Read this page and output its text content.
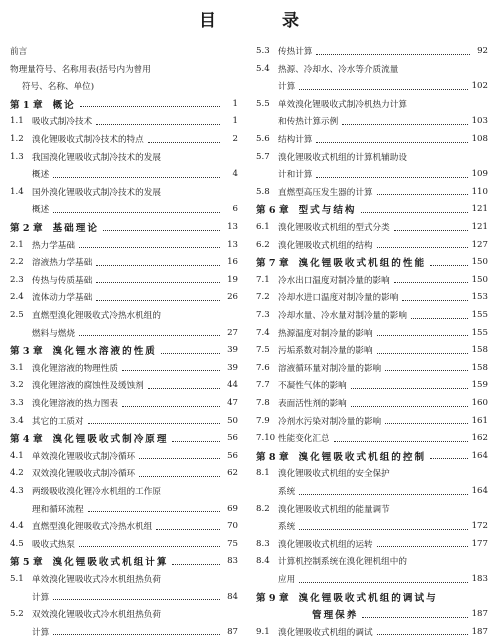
目 录
前言
物理量符号、名称用表(括号内为曾用
符号、名称、单位)
第 1 章 概论	1
1.1 吸收式制冷技术	1
1.2 溴化锂吸收式制冷技术的特点	2
1.3 我国溴化锂吸收式制冷技术的发展
概述	4
1.4 国外溴化锂吸收式制冷技术的发展
概述	6
第 2 章 基础理论	13
2.1 热力学基础	13
2.2 溶液热力学基础	16
2.3 传热与传质基础	19
2.4 流体动力学基础	26
2.5 直燃型溴化锂吸收式冷热水机组的
燃料与燃烧	27
第 3 章 溴化锂水溶液的性质	39
3.1 溴化锂溶液的物理性质	39
3.2 溴化锂溶液的腐蚀性及缓蚀剂	44
3.3 溴化锂溶液的热力图表	47
3.4 其它的工质对	50
第 4 章 溴化锂吸收式制冷原理	56
4.1 单效溴化锂吸收式制冷循环	56
4.2 双效溴化锂吸收式制冷循环	62
4.3 两级吸收溴化锂冷水机组的工作原
理和循环流程	69
4.4 直燃型溴化锂吸收式冷热水机组	70
4.5 吸收式热泵	75
第 5 章 溴化锂吸收式机组计算	83
5.1 单效溴化锂吸收式冷水机组热负荷
计算	84
5.2 双效溴化锂吸收式冷水机组热负荷
计算	87
5.3 传热计算	92
5.4 热源、冷却水、冷水等介质流量
计算	102
5.5 单效溴化锂吸收式制冷机热力计算
和传热计算示例	103
5.6 结构计算	108
5.7 溴化锂吸收式机组的计算机辅助设
计和计算	109
5.8 直燃型高压发生器的计算	110
第 6 章 型式与结构	121
6.1 溴化锂吸收式机组的型式分类	121
6.2 溴化锂吸收式机组的结构	127
第 7 章 溴化锂吸收式机组的性能	150
7.1 冷水出口温度对制冷量的影响	150
7.2 冷却水进口温度对制冷量的影响	153
7.3 冷却水量、冷水量对制冷量的影响	155
7.4 热源温度对制冷量的影响	155
7.5 污垢系数对制冷量的影响	158
7.6 溶液循环量对制冷量的影响	158
7.7 不凝性气体的影响	159
7.8 表面活性剂的影响	160
7.9 冷剂水污染对制冷量的影响	161
7.10 性能变化汇总	162
第 8 章 溴化锂吸收式机组的控制	164
8.1 溴化锂吸收式机组的安全保护
系统	164
8.2 溴化锂吸收式机组的能量调节
系统	172
8.3 溴化锂吸收式机组的运转	177
8.4 计算机控制系统在溴化锂机组中的
应用	183
第 9 章 溴化锂吸收式机组的调试与
管理保养	187
9.1 溴化锂吸收式机组的调试	187
